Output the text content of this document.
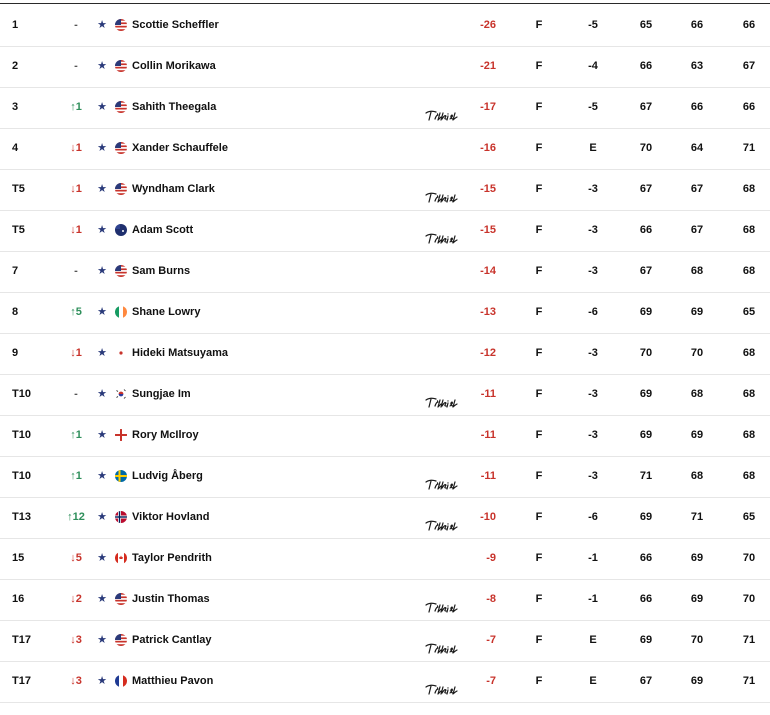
1	-	★ Scottie Scheffler	-26	F	-5	65	66	66
2	-	★ Collin Morikawa	-21	F	-4	66	63	67
3	↑1	★ Sahith Theegala	-17	F	-5	67	66	66
4	↓1	★ Xander Schauffele	-16	F	E	70	64	71
T5	↓1	★ Wyndham Clark	-15	F	-3	67	67	68
T5	↓1	★ Adam Scott	-15	F	-3	66	67	68
7	-	★ Sam Burns	-14	F	-3	67	68	68
8	↑5	★ Shane Lowry	-13	F	-6	69	69	65
9	↓1	★ Hideki Matsuyama	-12	F	-3	70	70	68
T10	-	★ Sungjae Im	-11	F	-3	69	68	68
T10	↑1	★ Rory McIlroy	-11	F	-3	69	69	68
T10	↑1	★ Ludvig Åberg	-11	F	-3	71	68	68
T13	↑12	★ Viktor Hovland	-10	F	-6	69	71	65
15	↓5	★ Taylor Pendrith	-9	F	-1	66	69	70
16	↓2	★ Justin Thomas	-8	F	-1	66	69	70
T17	↓3	★ Patrick Cantlay	-7	F	E	69	70	71
T17	↓3	★ Matthieu Pavon	-7	F	E	67	69	71
